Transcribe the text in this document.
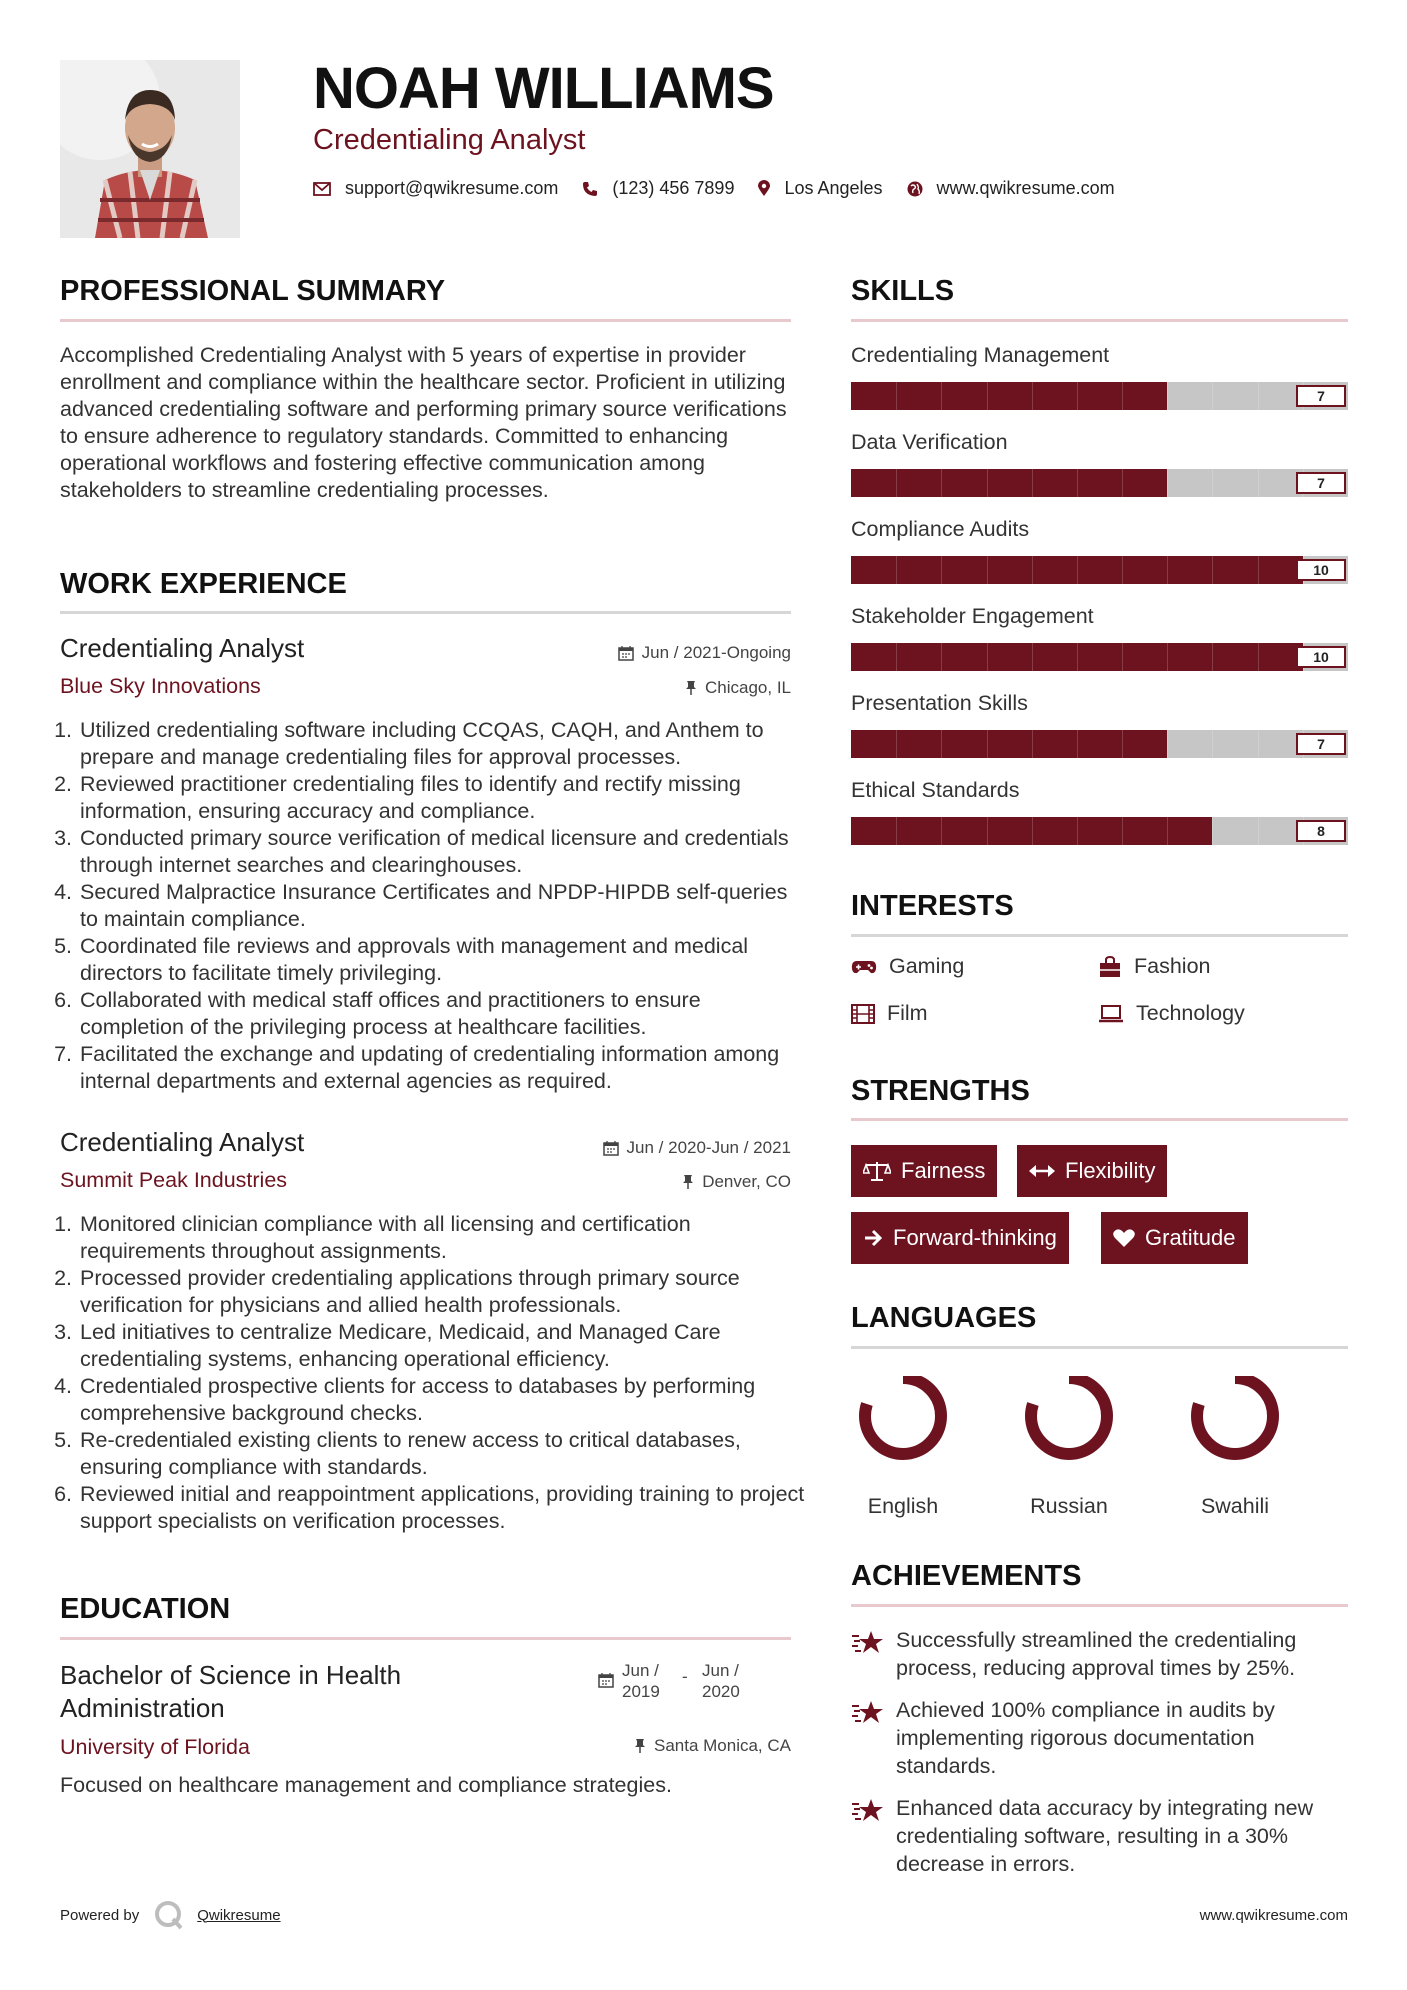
NOAH WILLIAMS
Credentialing Analyst
support@qwikresume.com	(123) 456 7899	Los Angeles	www.qwikresume.com
PROFESSIONAL SUMMARY

Accomplished Credentialing Analyst with 5 years of expertise in provider enrollment and compliance within the healthcare sector. Proficient in utilizing advanced credentialing software and performing primary source verifications to ensure adherence to regulatory standards. Committed to enhancing operational workflows and fostering effective communication among stakeholders to streamline credentialing processes.

WORK EXPERIENCE
Credentialing Analyst	Jun / 2021-Ongoing
Blue Sky Innovations	Chicago, IL
1. Utilized credentialing software including CCQAS, CAQH, and Anthem to prepare and manage credentialing files for approval processes.
2. Reviewed practitioner credentialing files to identify and rectify missing information, ensuring accuracy and compliance.
3. Conducted primary source verification of medical licensure and credentials through internet searches and clearinghouses.
4. Secured Malpractice Insurance Certificates and NPDP-HIPDB self-queries to maintain compliance.
5. Coordinated file reviews and approvals with management and medical directors to facilitate timely privileging.
6. Collaborated with medical staff offices and practitioners to ensure completion of the privileging process at healthcare facilities.
7. Facilitated the exchange and updating of credentialing information among internal departments and external agencies as required.
Credentialing Analyst	Jun / 2020-Jun / 2021
Summit Peak Industries	Denver, CO
1. Monitored clinician compliance with all licensing and certification requirements throughout assignments.
2. Processed provider credentialing applications through primary source verification for physicians and allied health professionals.
3. Led initiatives to centralize Medicare, Medicaid, and Managed Care credentialing systems, enhancing operational efficiency.
4. Credentialed prospective clients for access to databases by performing comprehensive background checks.
5. Re-credentialed existing clients to renew access to critical databases, ensuring compliance with standards.
6. Reviewed initial and reappointment applications, providing training to project support specialists on verification processes.
EDUCATION
Bachelor of Science in Health Administration
Jun / 2019
- Jun / 2020
University of Florida	Santa Monica, CA
Focused on healthcare management and compliance strategies.
SKILLS
Credentialing Management
7
Data Verification
7
Compliance Audits
10
Stakeholder Engagement
10
Presentation Skills
7
Ethical Standards
8
INTERESTS
Gaming	Fashion
Film	Technology
STRENGTHS
Fairness	Flexibility
Forward-thinking	Gratitude
LANGUAGES
English	Russian	Swahili
ACHIEVEMENTS
Successfully streamlined the credentialing process, reducing approval times by 25%.
Achieved 100% compliance in audits by implementing rigorous documentation standards.
Enhanced data accuracy by integrating new credentialing software, resulting in a 30% decrease in errors.
Powered by	Qwikresume	www.qwikresume.com
